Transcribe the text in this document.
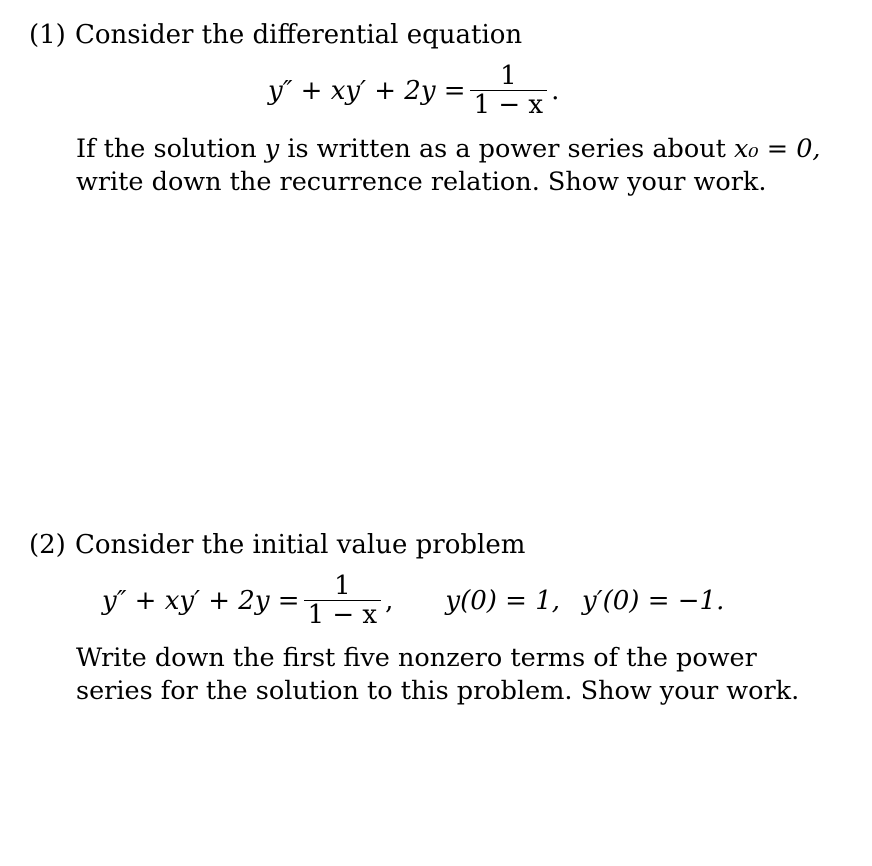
(1) Consider the differential equation
$y'' + xy' + 2y = \frac{1}{1 - x}$ .
If the solution y is written as a power series about x₀ = 0, write down the recurrence relation. Show your work.
(2) Consider the initial value problem
$y'' + xy' + 2y = \frac{1}{1 - x}$ , y(0) = 1, y′(0) = −1.
Write down the first five nonzero terms of the power series for the solution to this problem. Show your work.
